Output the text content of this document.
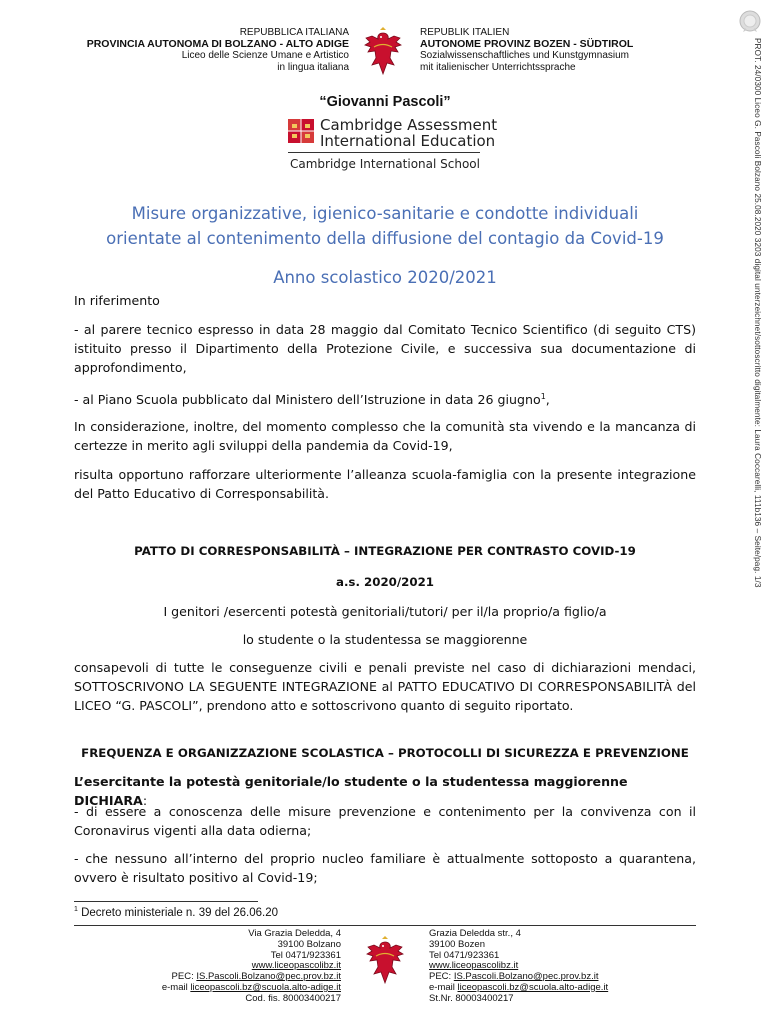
PROT. 24/0300 Liceo G. Pascoli Bolzano 25.08.2020 3203 digital unterzeichnet/sottoscritto digitalmente: Laura Coccarelli, 111b136 – Seite/pag. 1/3
REPUBBLICA ITALIANA
PROVINCIA AUTONOMA DI BOLZANO - ALTO ADIGE
Liceo delle Scienze Umane e Artistico
in lingua italiana
REPUBLIK ITALIEN
AUTONOME PROVINZ BOZEN - SÜDTIROL
Sozialwissenschaftliches und Kunstgymnasium
mit italienischer Unterrichtssprache
“Giovanni Pascoli”
Cambridge Assessment
International Education
Cambridge International School
Misure organizzative, igienico-sanitarie e condotte individuali
orientate al contenimento della diffusione del contagio da Covid-19
Anno scolastico 2020/2021
In riferimento
- al parere tecnico espresso in data 28 maggio dal Comitato Tecnico Scientifico (di seguito CTS) istituito presso il Dipartimento della Protezione Civile, e successiva sua documentazione di approfondimento,
- al Piano Scuola pubblicato dal Ministero dell’Istruzione in data 26 giugno$^1$,
In considerazione, inoltre, del momento complesso che la comunità sta vivendo e la mancanza di certezze in merito agli sviluppi della pandemia da Covid-19,
risulta opportuno rafforzare ulteriormente l’alleanza scuola-famiglia con la presente integrazione del Patto Educativo di Corresponsabilità.
PATTO DI CORRESPONSABILITÀ – INTEGRAZIONE PER CONTRASTO COVID-19
a.s. 2020/2021
I genitori /esercenti potestà genitoriali/tutori/ per il/la proprio/a figlio/a
lo studente o la studentessa se maggiorenne
consapevoli di tutte le conseguenze civili e penali previste nel caso di dichiarazioni mendaci, SOTTOSCRIVONO LA SEGUENTE INTEGRAZIONE al PATTO EDUCATIVO DI CORRESPONSABILITÀ del LICEO “G. PASCOLI”, prendono atto e sottoscrivono quanto di seguito riportato.
FREQUENZA E ORGANIZZAZIONE SCOLASTICA – PROTOCOLLI DI SICUREZZA E PREVENZIONE
L’esercitante la potestà genitoriale/lo studente o la studentessa maggiorenne DICHIARA:
- di essere a conoscenza delle misure prevenzione e contenimento per la convivenza con il Coronavirus vigenti alla data odierna;
- che nessuno all’interno del proprio nucleo familiare è attualmente sottoposto a quarantena, ovvero è risultato positivo al Covid-19;
$^1$ Decreto ministeriale n. 39 del 26.06.20
Via Grazia Deledda, 4
39100 Bolzano
Tel 0471/923361
www.liceopascolibz.it
PEC: IS.Pascoli.Bolzano@pec.prov.bz.it
e-mail liceopascoli.bz@scuola.alto-adige.it
Cod. fis. 80003400217
Grazia Deledda str., 4
39100 Bozen
Tel 0471/923361
www.liceopascolibz.it
PEC: IS.Pascoli.Bolzano@pec.prov.bz.it
e-mail liceopascoli.bz@scuola.alto-adige.it
St.Nr. 80003400217
